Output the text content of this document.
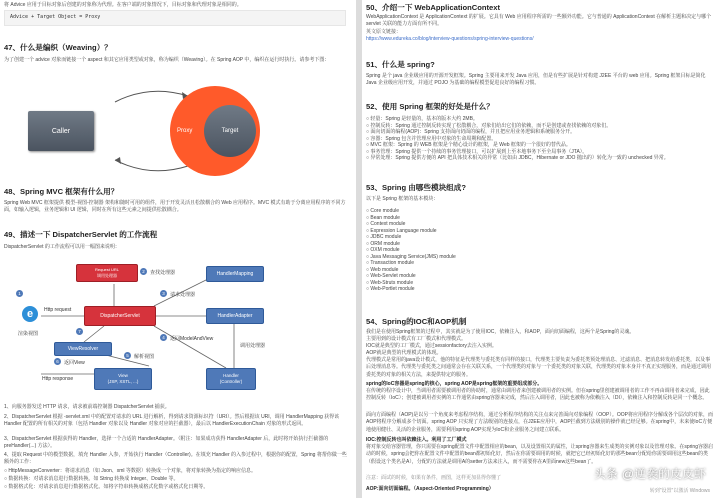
将 Advice 应用于目标对象后创建的对象称为代理。在客户端的对象情况下，目标对象和代理对象是相同的。

Advice + Target Object = Proxy
47、什么是编织（Weaving）？

为了创建一个 advice 对象而链接一个 aspect 和其它应用类型或对象，称为编织（Weaving）。在 Spring AOP 中，编织在运行时执行。请参考下图：

Caller	Proxy	Target
48、Spring MVC 框架有什么用？

Spring Web MVC 框架提供 模型-视图-控制器 架构和随时可用的组件，用于开发灵活且松散耦合的 Web 应用程序。MVC 模式有助于分离应用程序的不同方面，如输入逻辑，业务逻辑和 UI 逻辑，同时在所有这些元素之间提供松散耦合。

49、描述一下 DispatcherServlet 的工作流程

DispatcherServlet 的工作流程可以用一幅图来说明：

Request URL
调用处理器
DispatcherServlet
HandlerMapping
HandlerAdapter
ViewResolver
View
(JSP, XSTL, ...)
Handler
(Controller)
e	Http request
Http response
1
2 查找处理器
3 请求处理器
4 返回ModelAndView
5 解析视图
6 返回View
7
渲染视图
调用处理器

1、向服务器发送 HTTP 请求，请求被前端控制器 DispatcherServlet 捕获。

2、DispatcherServlet 根据 -servlet.xml 中的配置对请求的 URL 进行解析，得到请求资源标识符（URI）。然后根据该 URI，调用 HandlerMapping 获得该 Handler 配置的所有相关的对象（包括 Handler 对象以及 Handler 对象对应的拦截器），最后以 HandlerExecutionChain 对象的形式返回。

3、DispatcherServlet 根据获得的 Handler，选择一个合适的 HandlerAdapter。（附注：如果成功获得 HandlerAdapter 后，此时将开始执行拦截器的 preHandler(...) 方法）。

4、提取 Request 中的模型数据，填充 Handler 入参，开始执行 Handler（Controller)。在填充 Handler 的入参过程中，根据你的配置，Spring 将帮你做一些额外的工作：

○ HttpMessageConverter：将请求消息（如 Json、xml 等数据）转换成一个对象，将对象转换为指定的响应信息。

○ 数据转换：对请求消息进行数据转换。如 String 转换成 Integer、Double 等。

○ 数据格式化：对请求消息进行数据格式化。如将字符串转换成格式化数字或格式化日期等。

50、介绍一下 WebApplicationContext

WebApplicationContext 是 ApplicationContext 的扩展。它具有 Web 应用程序所需的一些额外功能。它与普通的 ApplicationContext 在解析主题和决定与哪个 servlet 关联的能力方面有所不同。

英文原文链接：

https://www.edureka.co/blog/interview-questions/spring-interview-questions/

51、什么是 spring?

Spring 是个 java 企业级应用的开源开发框架。Spring 主要用来开发 Java 应用，但是有些扩展是针对构建 J2EE 平台的 web 应用。Spring 框架目标是简化 Java 企业级应用开发，并通过 POJO 为基础的编程模型促进良好的编程习惯。

52、使用 Spring 框架的好处是什么？
○ 轻量：Spring 是轻量的，基本的版本大约 2MB。
○ 控制反转：Spring 通过控制反转实现了松散耦合，对象们给出它们的依赖，而不是创建或查找依赖的对象们。
○ 面向切面的编程(AOP)：Spring 支持面向切面的编程，并且把应用业务逻辑和系统服务分开。
○ 容器：Spring 包含并管理应用中对象的生命周期和配置。
○ MVC 框架：Spring 的 WEB 框架是个精心设计的框架，是 Web 框架的一个很好的替代品。
○ 事务管理：Spring 提供一个持续的事务管理接口，可以扩展到上至本地事务下至全局事务（JTA）。
○ 异常处理：Spring 提供方便的 API 把具体技术相关的异常（比如由 JDBC，Hibernate or JDO 抛出的）转化为一致的 unchecked 异常。
53、Spring 由哪些模块组成?

以下是 Spring 框架的基本模块：

○ Core module
○ Bean module
○ Context module
○ Expression Language module
○ JDBC module
○ ORM module
○ OXM module
○ Java Messaging Service(JMS) module
○ Transaction module
○ Web module
○ Web-Servlet module
○ Web-Struts module
○ Web-Portlet module
54、Spring的IOC和AOP机制

我们是在使用Spring框架的过程中，其实就是为了使用IOC，依赖注入，和AOP，面向切面编程，这两个是Spring的灵魂。

主要用到的设计模式有工厂模式和代理模式。

IOC就是典型的工厂模式，通过sessionfactory去注入实例。

AOP就是典型的代理模式的体现。

代理模式是常用的java设计模式，他的特征是代理类与委托类有同样的接口，代理类主要负责为委托类预处理消息、过滤消息、把消息转发给委托类，以及事后处理消息等。代理类与委托类之间通常会存在关联关系，一个代理类的对象与一个委托类的对象关联，代理类的对象本身并不真正实现服务，而是通过调用委托类的对象的相关方法，来提供特定的服务。

spring的IoC容器是spring的核心，spring AOP是spring框架的重要组成部分。

在传统的程序设计中，当调用者需要被调用者的协助时，通常由调用者来创建被调用者的实例。但在spring里创建被调用者的工作不再由调用者来完成，因此控制反转（IoC）；创建被调用者实例的工作通常由spring容器来完成，然后注入调用者，因此也被称为依赖注入（DI），依赖注入和控制反转是同一个概念。

面向方面编程（AOP)是以另一个角度来考虑程序结构，通过分析程序结构的关注点来完善面向对象编程（OOP）。OOP将应用程序分解成各个层次的对象，而AOP将程序分解成多个切面。spring AOP 只实现了方法级别的连接点，在J2EE应用中，AOP拦截到方法级别的操作就已经足够。在spring中，未来使IoC方便地使用健壮、灵活的企业服务，需要利用spring AOP实现为IoC和企业服务之间建立联系。

IOC:控制反转也叫依赖注入。利用了工厂模式

将对象交给容器管理，你只需要在spring配置文件中配置相应的bean，以及设置相关的属性，让spring容器来生成类的实例对象以及管理对象。在spring容器启动的时候，spring会把你在配置文件中配置的bean都初始化好，然后在你需要调用的时候，就把它已经初始化好的那些bean分配给你需要调用这些bean的类（假设这个类名是A），分配的方法就是调用A的setter方法来注入，而不需要你在A里面new这些bean了。

注意：面试的时候，如果有条件，画图，这样更加显得你懂了

AOP:面向切面编程。（Aspect-Oriented Programming）

头条 @逆袭的皮皮虾
转到"设置"以激活 Windows
